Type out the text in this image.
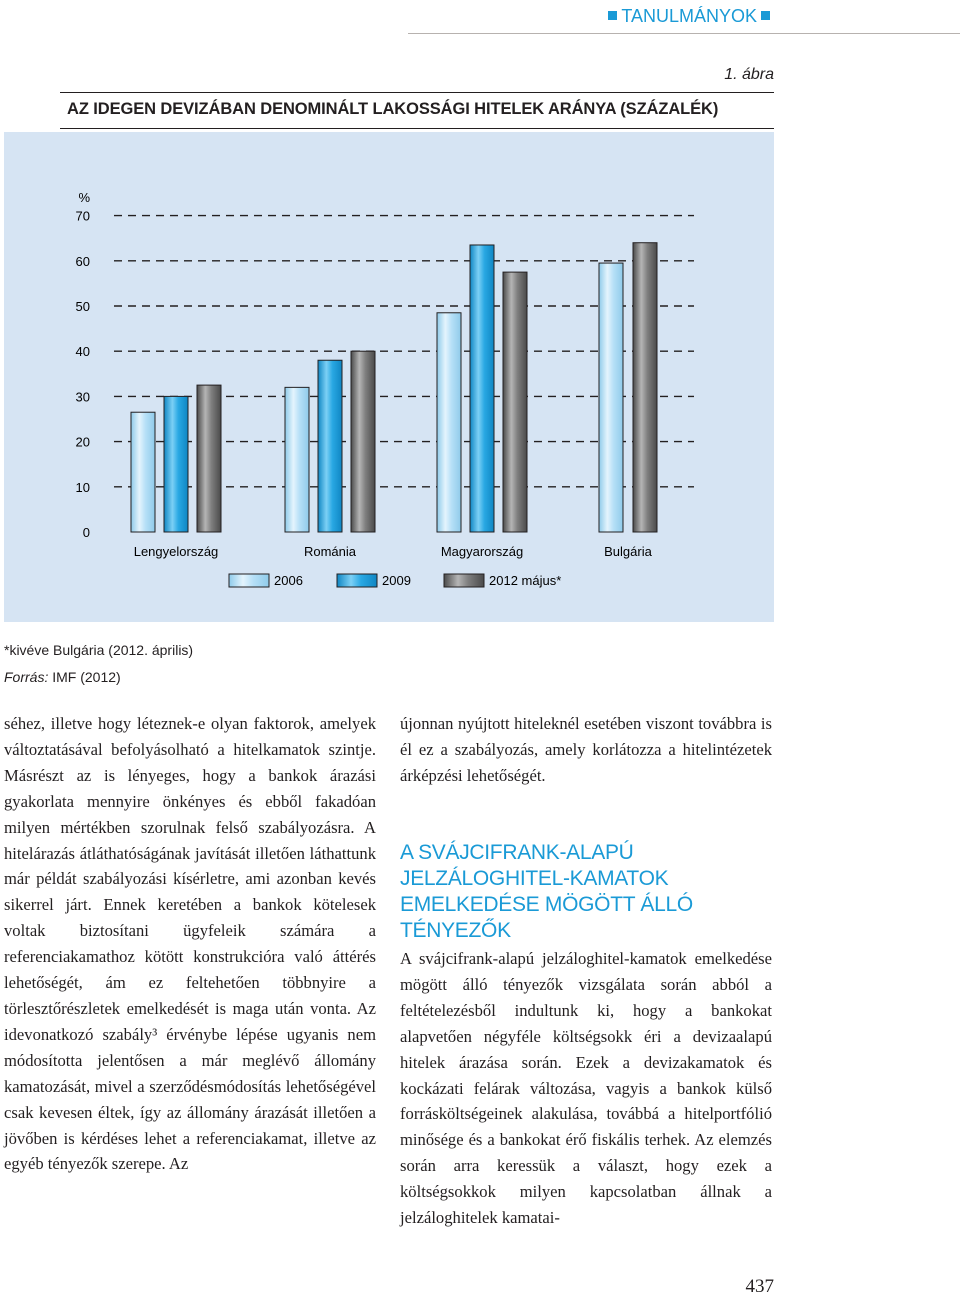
TANULMÁNYOK
1. ábra
AZ IDEGEN DEVIZÁBAN DENOMINÁLT LAKOSSÁGI HITELEK ARÁNYA (SZÁZALÉK)
%
0
10
20
30
40
50
60
70
Lengyelország	Románia	Magyarország	Bulgária
2006	2009	2012 május*
*kivéve Bulgária (2012. április)
Forrás: IMF (2012)

séhez, illetve hogy léteznek-e olyan faktorok, amelyek változtatásával befolyásolható a hitelkamatok szintje. Másrészt az is lényeges, hogy a bankok árazási gyakorlata mennyire önkényes és ebből fakadóan milyen mértékben szorulnak felső szabályozásra. A hitelárazás átláthatóságának javítását illetően láthattunk már példát szabályozási kísérletre, ami azonban kevés sikerrel járt. Ennek keretében a bankok kötelesek voltak biztosítani ügyfeleik számára a referenciakamathoz kötött konstrukcióra való áttérés lehetőségét, ám ez feltehetően többnyire a törlesztőrészletek emelkedését is maga után vonta. Az idevonatkozó szabály³ érvénybe lépése ugyanis nem módosította jelentősen a már meglévő állomány kamatozását, mivel a szerződésmódosítás lehetőségével csak kevesen éltek, így az állomány árazását illetően a jövőben is kérdéses lehet a referenciakamat, illetve az egyéb tényezők szerepe. Az

újonnan nyújtott hiteleknél esetében viszont továbbra is él ez a szabályozás, amely korlátozza a hitelintézetek árképzési lehetőségét.

A SVÁJCIFRANK-ALAPÚ JELZÁLOGHITEL-KAMATOK EMELKEDÉSE MÖGÖTT ÁLLÓ TÉNYEZŐK

A svájcifrank-alapú jelzáloghitel-kamatok emelkedése mögött álló tényezők vizsgálata során abból a feltételezésből indultunk ki, hogy a bankokat alapvetően négyféle költségsokk éri a devizaalapú hitelek árazása során. Ezek a devizakamatok és kockázati felárak változása, vagyis a bankok külső forrásköltségeinek alakulása, továbbá a hitelportfólió minősége és a bankokat érő fiskális terhek. Az elemzés során arra keressük a választ, hogy ezek a költségsokkok milyen kapcsolatban állnak a jelzáloghitelek kamatai-

437
